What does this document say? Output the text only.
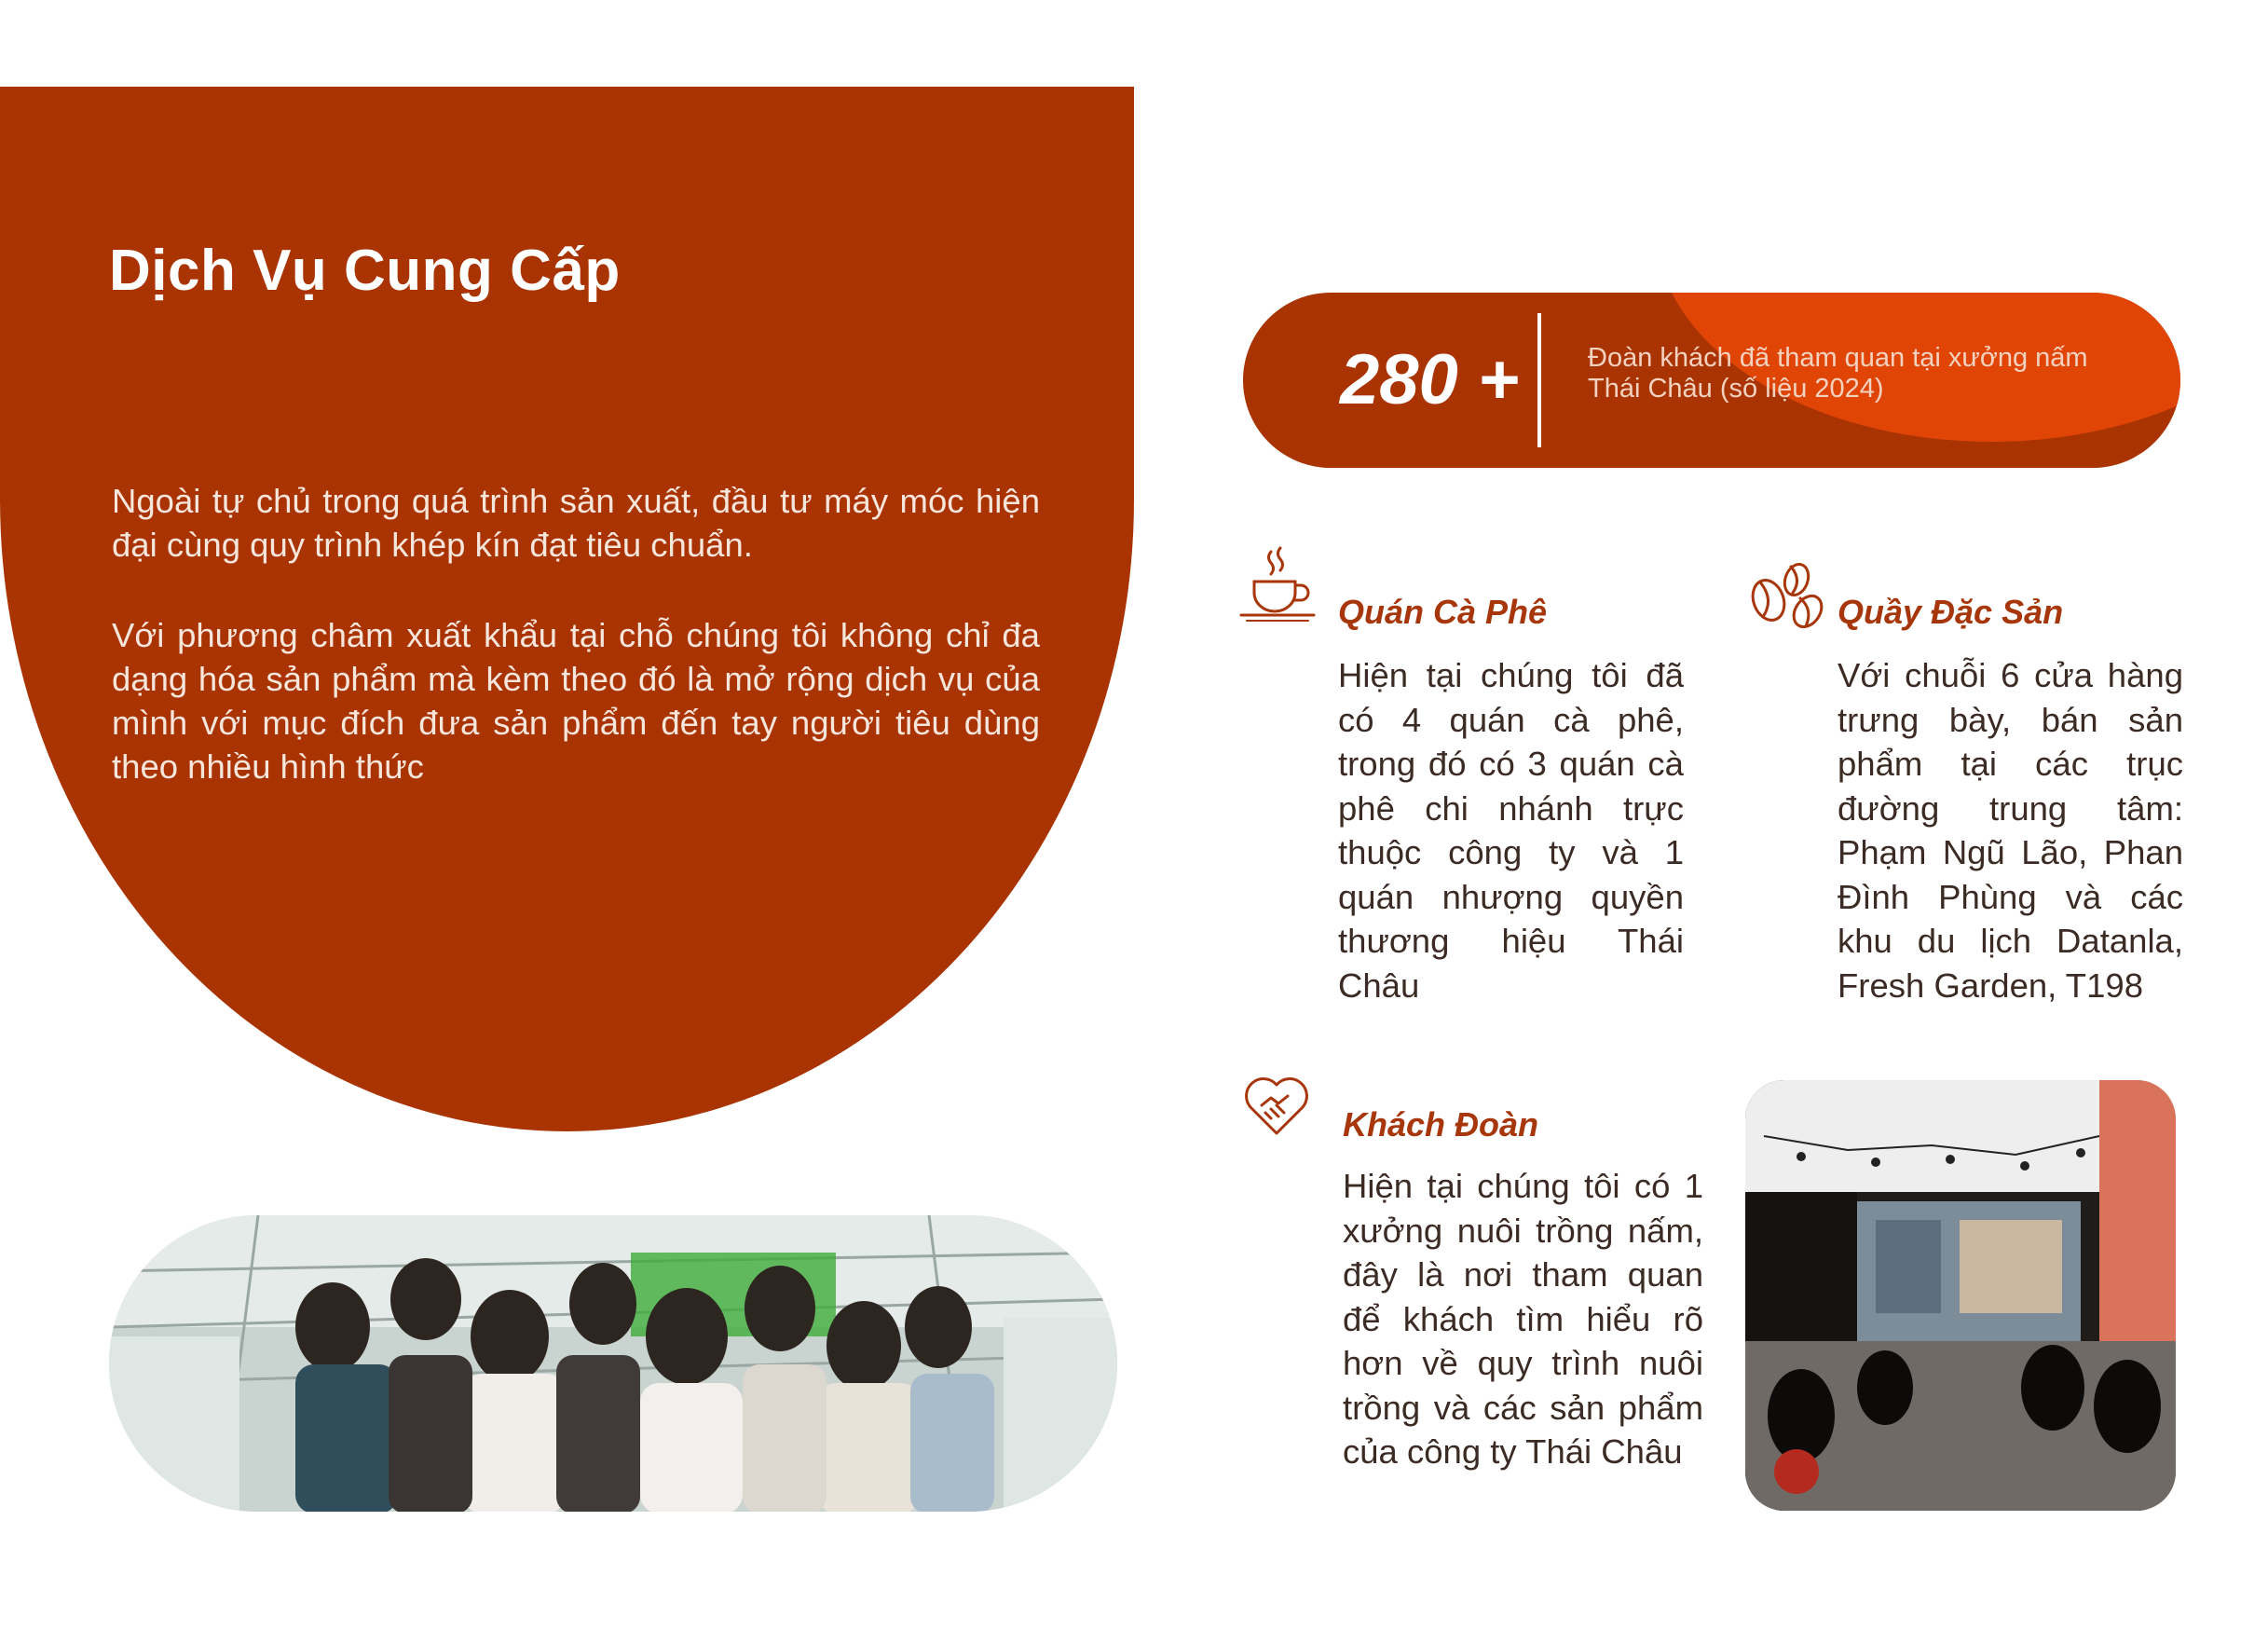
Dịch Vụ Cung Cấp

Ngoài tự chủ trong quá trình sản xuất, đầu tư máy móc hiện đại cùng quy trình khép kín đạt tiêu chuẩn.

Với phương châm xuất khẩu tại chỗ chúng tôi không chỉ đa dạng hóa sản phẩm mà kèm theo đó là mở rộng dịch vụ của mình với mục đích đưa sản phẩm đến tay người tiêu dùng theo nhiều hình thức

280 +	Đoàn khách đã tham quan tại xưởng nấm Thái Châu (số liệu 2024)
Quán Cà Phê
Hiện tại chúng tôi đã có 4 quán cà phê, trong đó có 3 quán cà phê chi nhánh trực thuộc công ty và 1 quán nhượng quyền thương hiệu Thái Châu
Quầy Đặc Sản
Với chuỗi 6 cửa hàng trưng bày, bán sản phẩm tại các trục đường trung tâm: Phạm Ngũ Lão, Phan Đình Phùng và các khu du lịch Datanla, Fresh Garden, T198
Khách Đoàn
Hiện tại chúng tôi có 1 xưởng nuôi trồng nấm, đây là nơi tham quan để khách tìm hiểu rõ hơn về quy trình nuôi trồng và các sản phẩm của công ty Thái Châu
